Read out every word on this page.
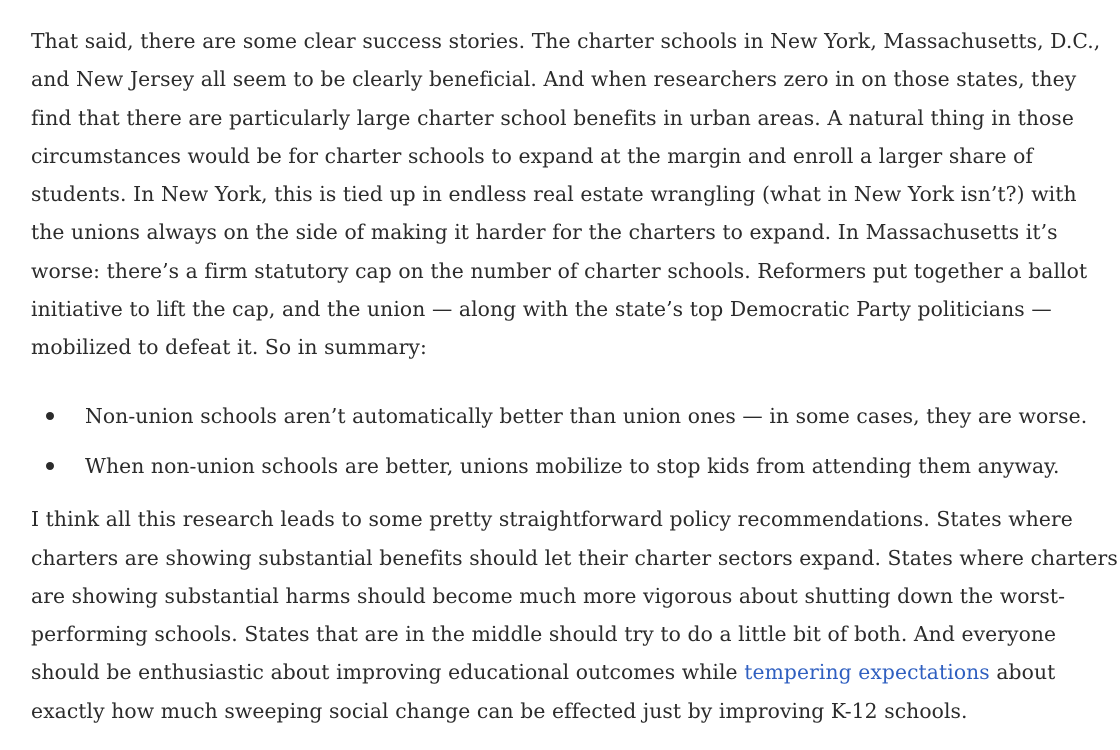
That said, there are some clear success stories. The charter schools in New York, Massachusetts, D.C.,
and New Jersey all seem to be clearly beneficial. And when researchers zero in on those states, they
find that there are particularly large charter school benefits in urban areas. A natural thing in those
circumstances would be for charter schools to expand at the margin and enroll a larger share of
students. In New York, this is tied up in endless real estate wrangling (what in New York isn’t?) with
the unions always on the side of making it harder for the charters to expand. In Massachusetts it’s
worse: there’s a firm statutory cap on the number of charter schools. Reformers put together a ballot
initiative to lift the cap, and the union — along with the state’s top Democratic Party politicians —
mobilized to defeat it. So in summary:

Non-union schools aren’t automatically better than union ones — in some cases, they are worse.
When non-union schools are better, unions mobilize to stop kids from attending them anyway.

I think all this research leads to some pretty straightforward policy recommendations. States where
charters are showing substantial benefits should let their charter sectors expand. States where charters
are showing substantial harms should become much more vigorous about shutting down the worst-
performing schools. States that are in the middle should try to do a little bit of both. And everyone
should be enthusiastic about improving educational outcomes while tempering expectations about
exactly how much sweeping social change can be effected just by improving K-12 schools.
